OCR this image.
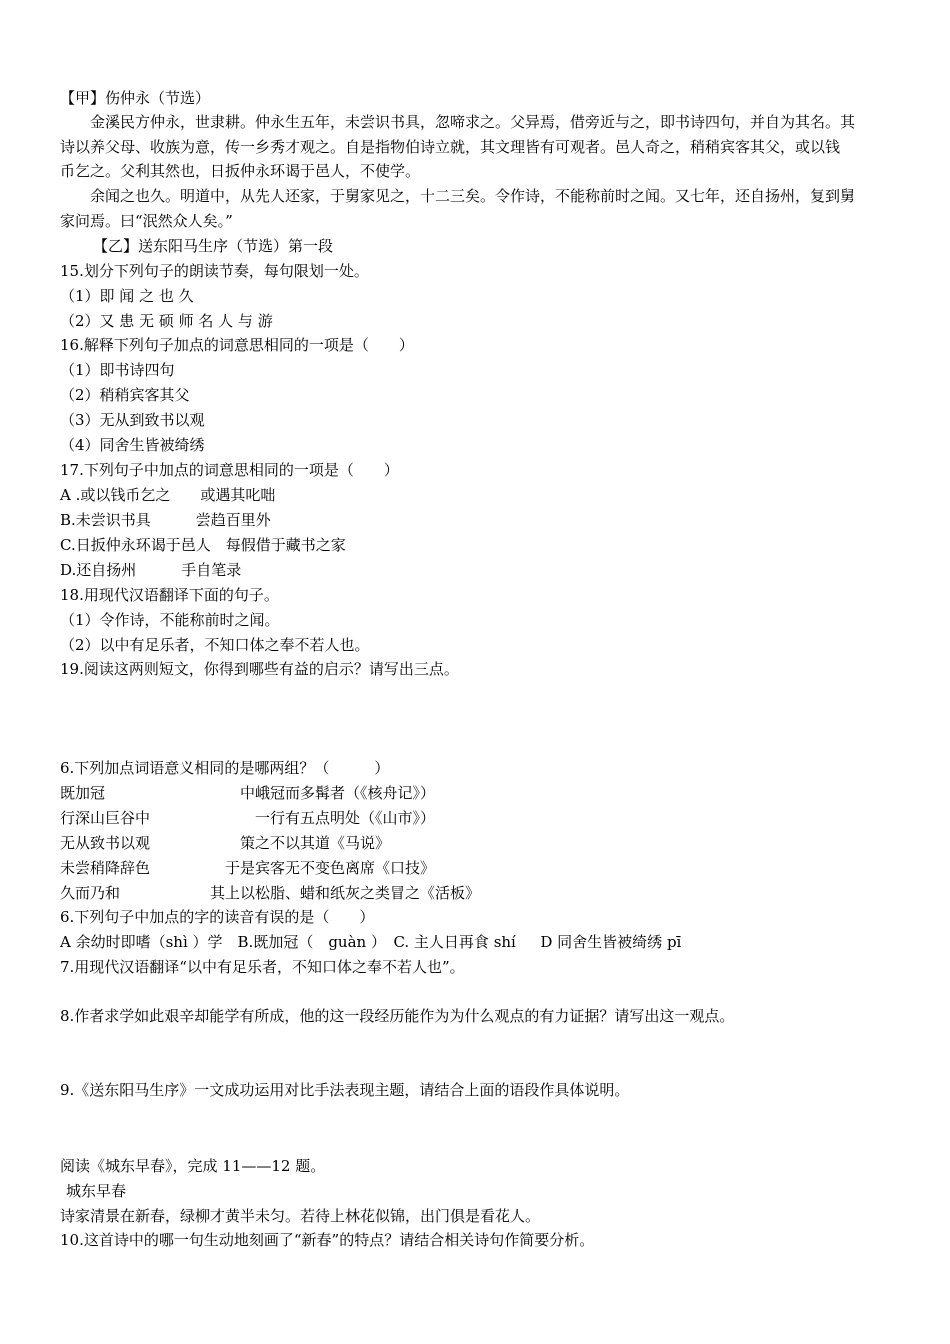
【甲】伤仲永（节选）
金溪民方仲永，世隶耕。仲永生五年，未尝识书具，忽啼求之。父异焉，借旁近与之，即书诗四句，并自为其名。其
诗以养父母、收族为意，传一乡秀才观之。自是指物伯诗立就，其文理皆有可观者。邑人奇之，稍稍宾客其父，或以钱
币乞之。父利其然也，日扳仲永环谒于邑人，不使学。
余闻之也久。明道中，从先人还家，于舅家见之，十二三矣。令作诗，不能称前时之闻。又七年，还自扬州，复到舅
家问焉。曰“泯然众人矣。”
【乙】送东阳马生序（节选）第一段
15.划分下列句子的朗读节奏，每句限划一处。
（1）即 闻 之 也 久
（2）又 患 无 硕 师 名 人 与 游
16.解释下列句子加点的词意思相同的一项是（　　）
（1）即书诗四句
（2）稍稍宾客其父
（3）无从到致书以观
（4）同舍生皆被绮绣
17.下列句子中加点的词意思相同的一项是（　　）
A .或以钱币乞之　　或遇其叱咄
B.未尝识书具　　　尝趋百里外
C.日扳仲永环谒于邑人　每假借于藏书之家
D.还自扬州　　　手自笔录
18.用现代汉语翻译下面的句子。
（1）令作诗，不能称前时之闻。
（2）以中有足乐者，不知口体之奉不若人也。
19.阅读这两则短文，你得到哪些有益的启示？请写出三点。
6.下列加点词语意义相同的是哪两组？（　　　）
既加冠　　　　　　　　　中峨冠而多髯者（《核舟记》）
行深山巨谷中　　　　　　　一行有五点明处（《山市》）
无从致书以观　　　　　　策之不以其道《马说》
未尝稍降辞色　　　　　于是宾客无不变色离席《口技》
久而乃和　　　　　　其上以松脂、蜡和纸灰之类冒之《活板》
6.下列句子中加点的字的读音有误的是（　　）
A 余幼时即嗜（shì ）学　B.既加冠（　guàn ）　C. 主人日再食 shí 　 D 同舍生皆被绮绣 pī
7.用现代汉语翻译“以中有足乐者，不知口体之奉不若人也”。
8.作者求学如此艰辛却能学有所成，他的这一段经历能作为为什么观点的有力证据？请写出这一观点。
9.《送东阳马生序》一文成功运用对比手法表现主题，请结合上面的语段作具体说明。
阅读《城东早春》，完成 11——12 题。
城东早春
诗家清景在新春，绿柳才黄半未匀。若待上林花似锦，出门俱是看花人。
10.这首诗中的哪一句生动地刻画了“新春”的特点？请结合相关诗句作简要分析。
